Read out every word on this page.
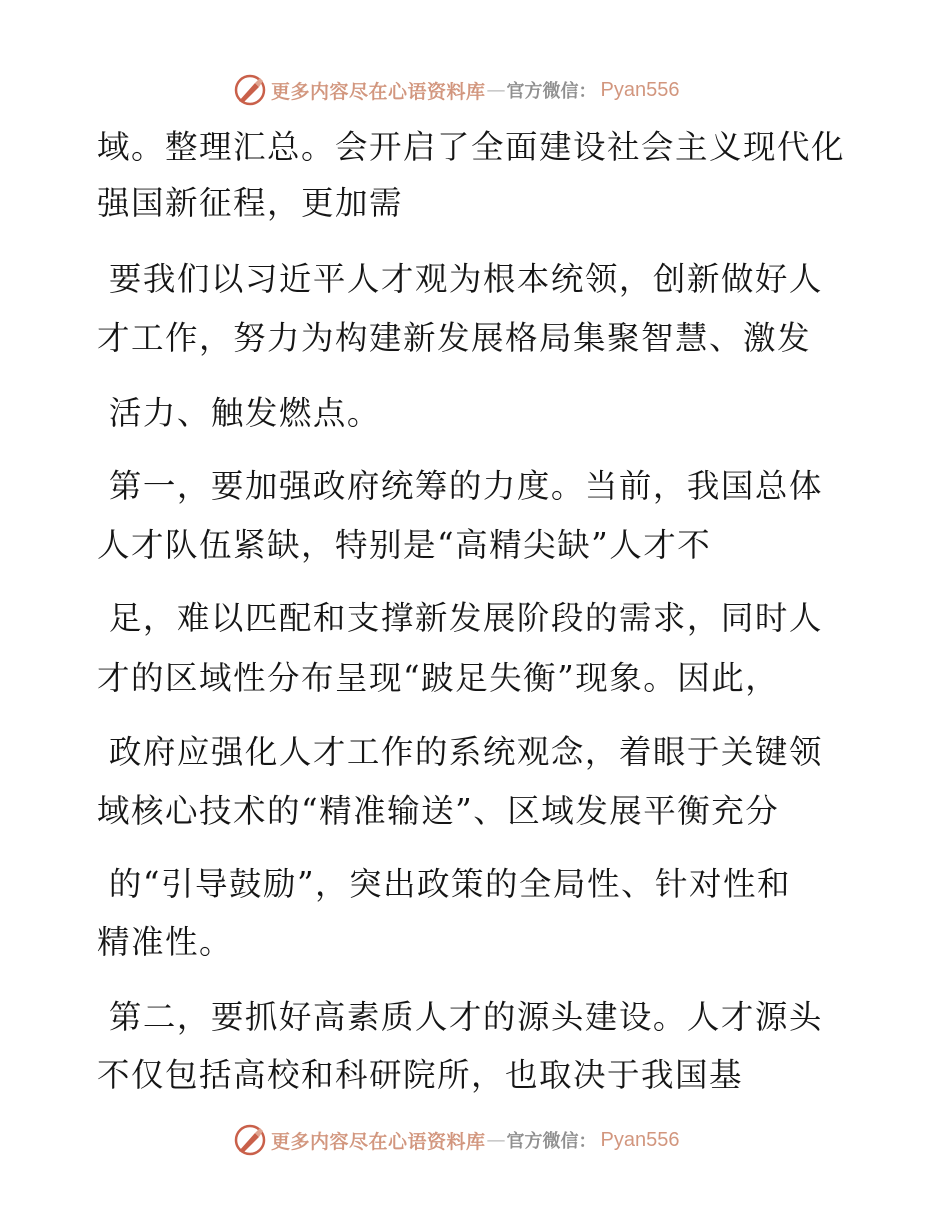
更多内容尽在心语资料库 — 官方微信： Pyan556

域。整理汇总。会开启了全面建设社会主义现代化

强国新征程，更加需

要我们以习近平人才观为根本统领，创新做好人

才工作，努力为构建新发展格局集聚智慧、激发

活力、触发燃点。

第一，要加强政府统筹的力度。当前，我国总体

人才队伍紧缺，特别是“高精尖缺”人才不

足，难以匹配和支撑新发展阶段的需求，同时人

才的区域性分布呈现“跛足失衡”现象。因此，

政府应强化人才工作的系统观念，着眼于关键领

域核心技术的“精准输送”、区域发展平衡充分

的“引导鼓励”，突出政策的全局性、针对性和

精准性。

第二，要抓好高素质人才的源头建设。人才源头

不仅包括高校和科研院所，也取决于我国基

更多内容尽在心语资料库 — 官方微信： Pyan556
